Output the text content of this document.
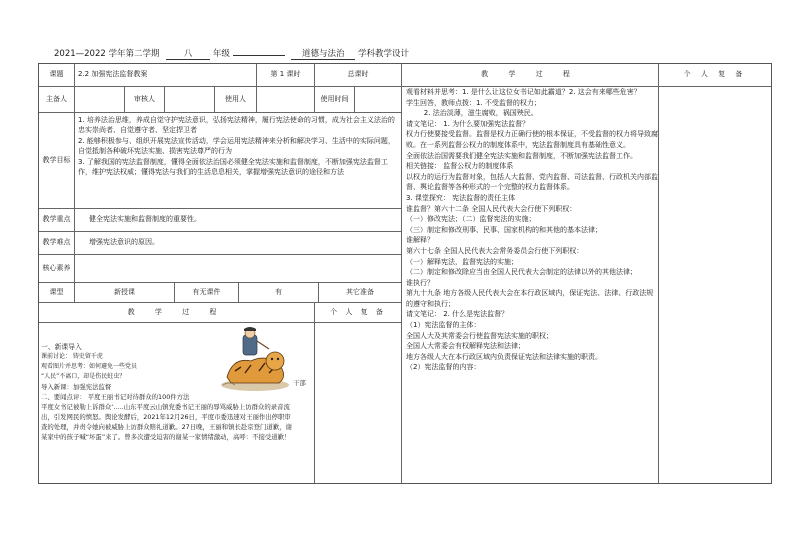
2021—2022 学年第二学期	八 年级	道德与法治 学科教学设计
课题	2.2 加强宪法监督教案	第 1 课时	总课时
主备人	审核人	使用人	使用时间
教学目标
1. 培养法治思维，养成自觉守护宪法意识，弘扬宪法精神，履行宪法使命的习惯，成为社会主义法治的忠实崇尚者、自觉遵守者、坚定捍卫者
2. 能够积极参与、组织开展宪法宣传活动，学会运用宪法精神来分析和解决学习、生活中的实际问题，自觉抵制各种破坏宪法实施、损害宪法尊严的行为
3. 了解我国的宪法监督制度，懂得全面依法治国必须健全宪法实施和监督制度，不断加强宪法监督工作，维护宪法权威；懂得宪法与我们的生活息息相关，掌握增强宪法意识的途径和方法
教学重点	健全宪法实施和监督制度的重要性。
教学难点	增强宪法意识的原因。
核心素养
课型	新授课	有无课件	有	其它准备
教 学 过 程	个 人 复 备

一、新课导入

课前讨论： 铸史留千虎

观看图片并思考：如何避免一些党员

“人民”不离口，却是伤民蛀虫？

导入新课：加强宪法监督

二、要闻点评： 平度王丽书记对待群众的100件方法

平度女书记被勒上诉群众‘…..山东平度云山镇党委书记王丽的辱骂威胁上访群众的录音流出，引发网民的愤怒。舆论发酵后，2021年12月26日，平度市委迅速对王丽作出停职审查的处理，并责令她向被威胁上访群众赔礼道歉。27日晚，王丽和镇长赴京登门道歉，谢某家中的孩子喊“坏蛋”来了。曾多次遭受迫害的谢某一家情绪激动，高呼：不接受道歉！

干部
教 学 过 程	个 人 复 备

观看材料并思考：1. 是什么让这位女书记如此霸道？2. 这会有来哪些危害？

学生回答，教师点拨：1. 不受监督的权力；

2. 法治淡薄，滋生腐败，祸国殃民。

请文笔记： 1. 为什么要加强宪法监督？

权力行使要接受监督。监督是权力正确行使的根本保证，不受监督的权力将导致腐败。在一系列监督公权力的制度体系中，宪法监督制度具有基础性意义。

全面依法治国需要我们健全宪法实施和监督制度，不断加强宪法监督工作。

相关链接： 监督公权力的制度体系

以权力的运行为监督对象，包括人大监督、党内监督、司法监督、行政机关内部监督、舆论监督等各种形式的一个完整的权力监督体系。

3. 课堂探究： 宪法监督的责任主体

谁监督？第六十二条 全国人民代表大会行使下列职权：

（一）修改宪法；（二）监督宪法的实施；

（三）制定和修改刑事、民事、国家机构的和其他的基本法律；

谁解释？

第六十七条 全国人民代表大会常务委员会行使下列职权：

（一）解释宪法，监督宪法的实施；

（二）制定和修改除应当由全国人民代表大会制定的法律以外的其他法律；

谁执行？

第九十九条 地方各级人民代表大会在本行政区域内，保证宪法、法律、行政法规的遵守和执行；

请文笔记： 2. 什么是宪法监督？

（1）宪法监督的主体：

全国人大及其常委会行使监督宪法实施的职权；

全国人大常委会有权解释宪法和法律；

地方各级人大在本行政区域内负责保证宪法和法律实施的职责。

（2）宪法监督的内容：
